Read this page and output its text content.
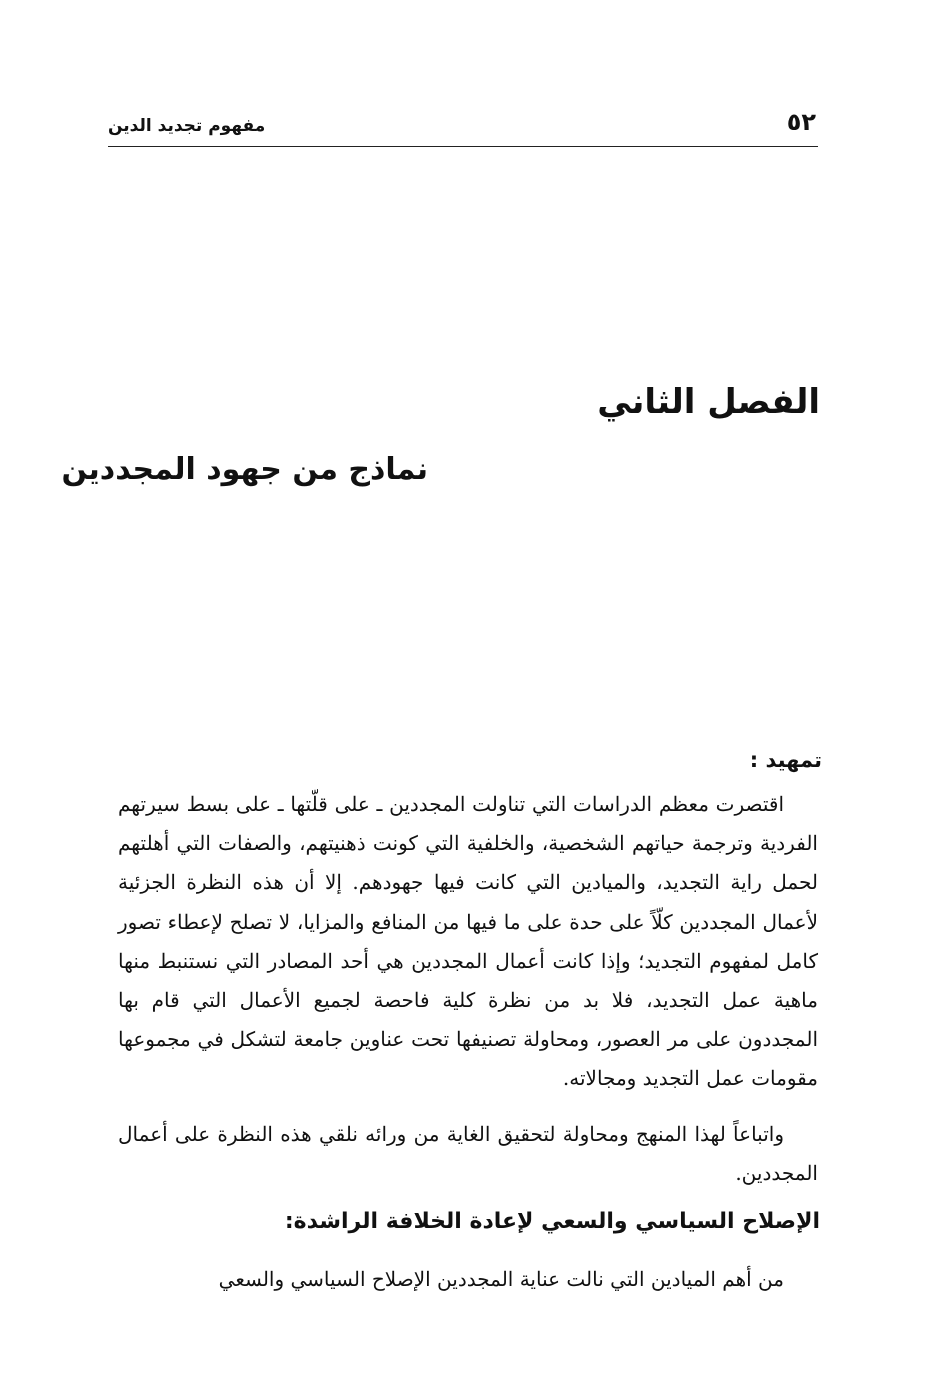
٥٢
مفهوم تجديد الدين
الفصل الثاني
نماذج من جهود المجددين
تمهيد :

اقتصرت معظم الدراسات التي تناولت المجددين ـ على قلّتها ـ على بسط سيرتهم الفردية وترجمة حياتهم الشخصية، والخلفية التي كونت ذهنيتهم، والصفات التي أهلتهم لحمل راية التجديد، والميادين التي كانت فيها جهودهم. إلا أن هذه النظرة الجزئية لأعمال المجددين كلّاً على حدة على ما فيها من المنافع والمزايا، لا تصلح لإعطاء تصور كامل لمفهوم التجديد؛ وإذا كانت أعمال المجددين هي أحد المصادر التي نستنبط منها ماهية عمل التجديد، فلا بد من نظرة كلية فاحصة لجميع الأعمال التي قام بها المجددون على مر العصور، ومحاولة تصنيفها تحت عناوين جامعة لتشكل في مجموعها مقومات عمل التجديد ومجالاته.

واتباعاً لهذا المنهج ومحاولة لتحقيق الغاية من ورائه نلقي هذه النظرة على أعمال المجددين.

الإصلاح السياسي والسعي لإعادة الخلافة الراشدة:

من أهم الميادين التي نالت عناية المجددين الإصلاح السياسي والسعي
